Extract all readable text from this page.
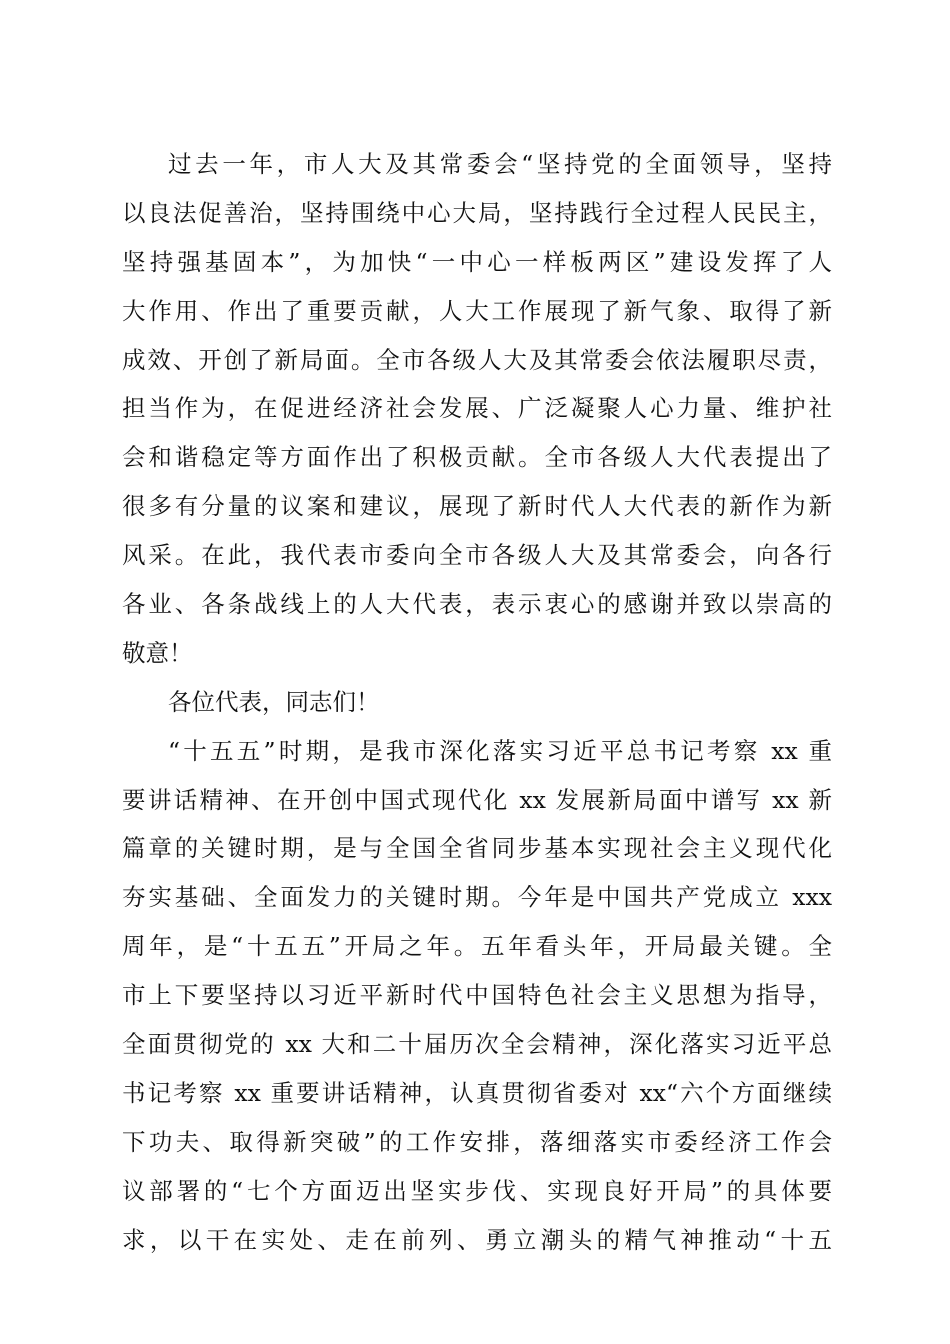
过去一年，市人大及其常委会“坚持党的全面领导，坚持
以良法促善治，坚持围绕中心大局，坚持践行全过程人民民主，
坚持强基固本”，为加快“一中心一样板两区”建设发挥了人
大作用、作出了重要贡献，人大工作展现了新气象、取得了新
成效、开创了新局面。全市各级人大及其常委会依法履职尽责，
担当作为，在促进经济社会发展、广泛凝聚人心力量、维护社
会和谐稳定等方面作出了积极贡献。全市各级人大代表提出了
很多有分量的议案和建议，展现了新时代人大代表的新作为新
风采。在此，我代表市委向全市各级人大及其常委会，向各行
各业、各条战线上的人大代表，表示衷心的感谢并致以崇高的
敬意！
各位代表，同志们！
“十五五”时期，是我市深化落实习近平总书记考察 xx 重
要讲话精神、在开创中国式现代化 xx 发展新局面中谱写 xx 新
篇章的关键时期，是与全国全省同步基本实现社会主义现代化
夯实基础、全面发力的关键时期。今年是中国共产党成立 xxx
周年，是“十五五”开局之年。五年看头年，开局最关键。全
市上下要坚持以习近平新时代中国特色社会主义思想为指导，
全面贯彻党的 xx 大和二十届历次全会精神，深化落实习近平总
书记考察 xx 重要讲话精神，认真贯彻省委对 xx“六个方面继续
下功夫、取得新突破”的工作安排，落细落实市委经济工作会
议部署的“七个方面迈出坚实步伐、实现良好开局”的具体要
求，以干在实处、走在前列、勇立潮头的精气神推动“十五
